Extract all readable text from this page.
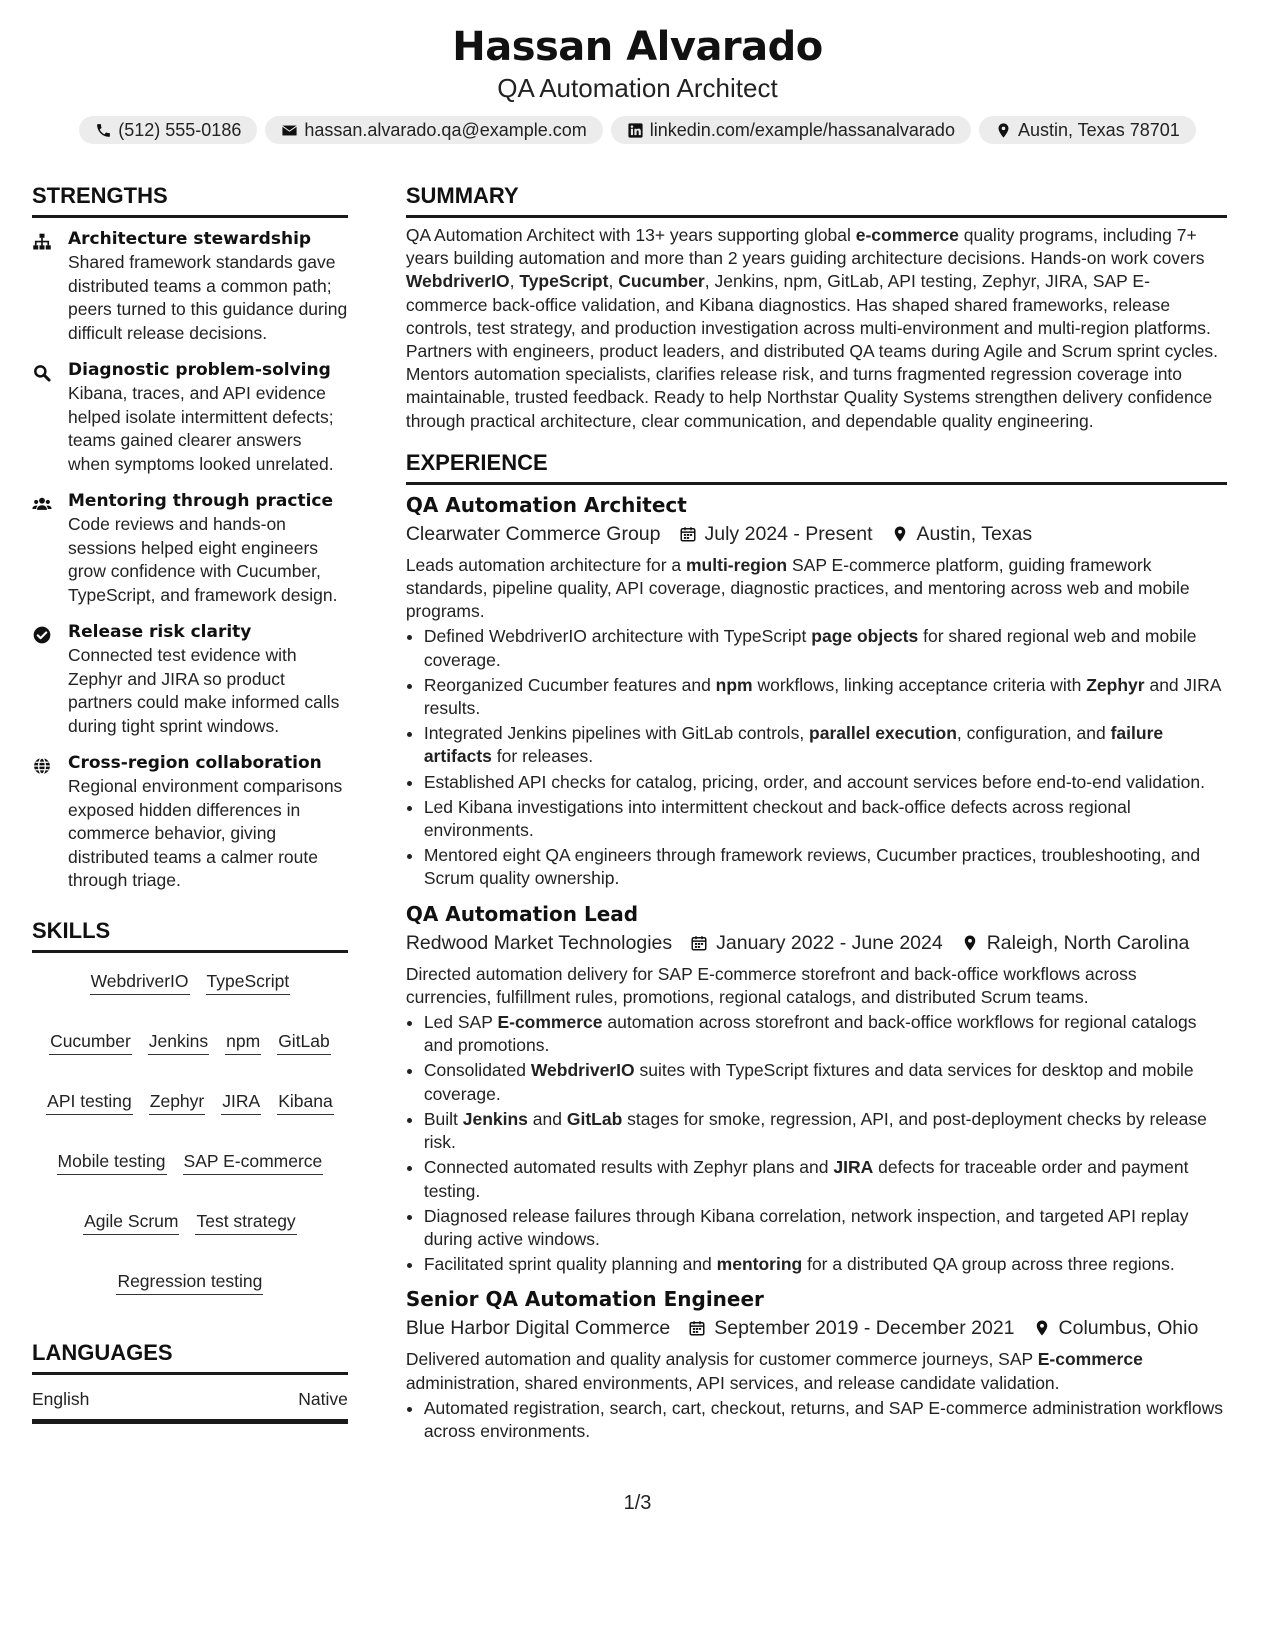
Hassan Alvarado
QA Automation Architect
(512) 555-0186	hassan.alvarado.qa@example.com	linkedin.com/example/hassanalvarado	Austin, Texas 78701
STRENGTHS
Architecture stewardship
Shared framework standards gave distributed teams a common path; peers turned to this guidance during difficult release decisions.
Diagnostic problem-solving
Kibana, traces, and API evidence helped isolate intermittent defects; teams gained clearer answers when symptoms looked unrelated.
Mentoring through practice
Code reviews and hands-on sessions helped eight engineers grow confidence with Cucumber, TypeScript, and framework design.
Release risk clarity
Connected test evidence with Zephyr and JIRA so product partners could make informed calls during tight sprint windows.
Cross-region collaboration
Regional environment comparisons exposed hidden differences in commerce behavior, giving distributed teams a calmer route through triage.
SKILLS
WebdriverIO TypeScript
Cucumber Jenkins npm GitLab
API testing Zephyr JIRA Kibana
Mobile testing SAP E-commerce
Agile Scrum Test strategy
Regression testing
LANGUAGES
English	Native
SUMMARY
QA Automation Architect with 13+ years supporting global e-commerce quality programs, including 7+ years building automation and more than 2 years guiding architecture decisions. Hands-on work covers WebdriverIO, TypeScript, Cucumber, Jenkins, npm, GitLab, API testing, Zephyr, JIRA, SAP E-commerce back-office validation, and Kibana diagnostics. Has shaped shared frameworks, release controls, test strategy, and production investigation across multi-environment and multi-region platforms. Partners with engineers, product leaders, and distributed QA teams during Agile and Scrum sprint cycles. Mentors automation specialists, clarifies release risk, and turns fragmented regression coverage into maintainable, trusted feedback. Ready to help Northstar Quality Systems strengthen delivery confidence through practical architecture, clear communication, and dependable quality engineering.
EXPERIENCE
QA Automation Architect
Clearwater Commerce Group July 2024 - Present Austin, Texas
Leads automation architecture for a multi-region SAP E-commerce platform, guiding framework standards, pipeline quality, API coverage, diagnostic practices, and mentoring across web and mobile programs.
• Defined WebdriverIO architecture with TypeScript page objects for shared regional web and mobile coverage.
• Reorganized Cucumber features and npm workflows, linking acceptance criteria with Zephyr and JIRA results.
• Integrated Jenkins pipelines with GitLab controls, parallel execution, configuration, and failure artifacts for releases.
• Established API checks for catalog, pricing, order, and account services before end-to-end validation.
• Led Kibana investigations into intermittent checkout and back-office defects across regional environments.
• Mentored eight QA engineers through framework reviews, Cucumber practices, troubleshooting, and Scrum quality ownership.
QA Automation Lead
Redwood Market Technologies January 2022 - June 2024 Raleigh, North Carolina
Directed automation delivery for SAP E-commerce storefront and back-office workflows across currencies, fulfillment rules, promotions, regional catalogs, and distributed Scrum teams.
• Led SAP E-commerce automation across storefront and back-office workflows for regional catalogs and promotions.
• Consolidated WebdriverIO suites with TypeScript fixtures and data services for desktop and mobile coverage.
• Built Jenkins and GitLab stages for smoke, regression, API, and post-deployment checks by release risk.
• Connected automated results with Zephyr plans and JIRA defects for traceable order and payment testing.
• Diagnosed release failures through Kibana correlation, network inspection, and targeted API replay during active windows.
• Facilitated sprint quality planning and mentoring for a distributed QA group across three regions.
Senior QA Automation Engineer
Blue Harbor Digital Commerce September 2019 - December 2021 Columbus, Ohio
Delivered automation and quality analysis for customer commerce journeys, SAP E-commerce administration, shared environments, API services, and release candidate validation.
• Automated registration, search, cart, checkout, returns, and SAP E-commerce administration workflows across environments.
1/3
